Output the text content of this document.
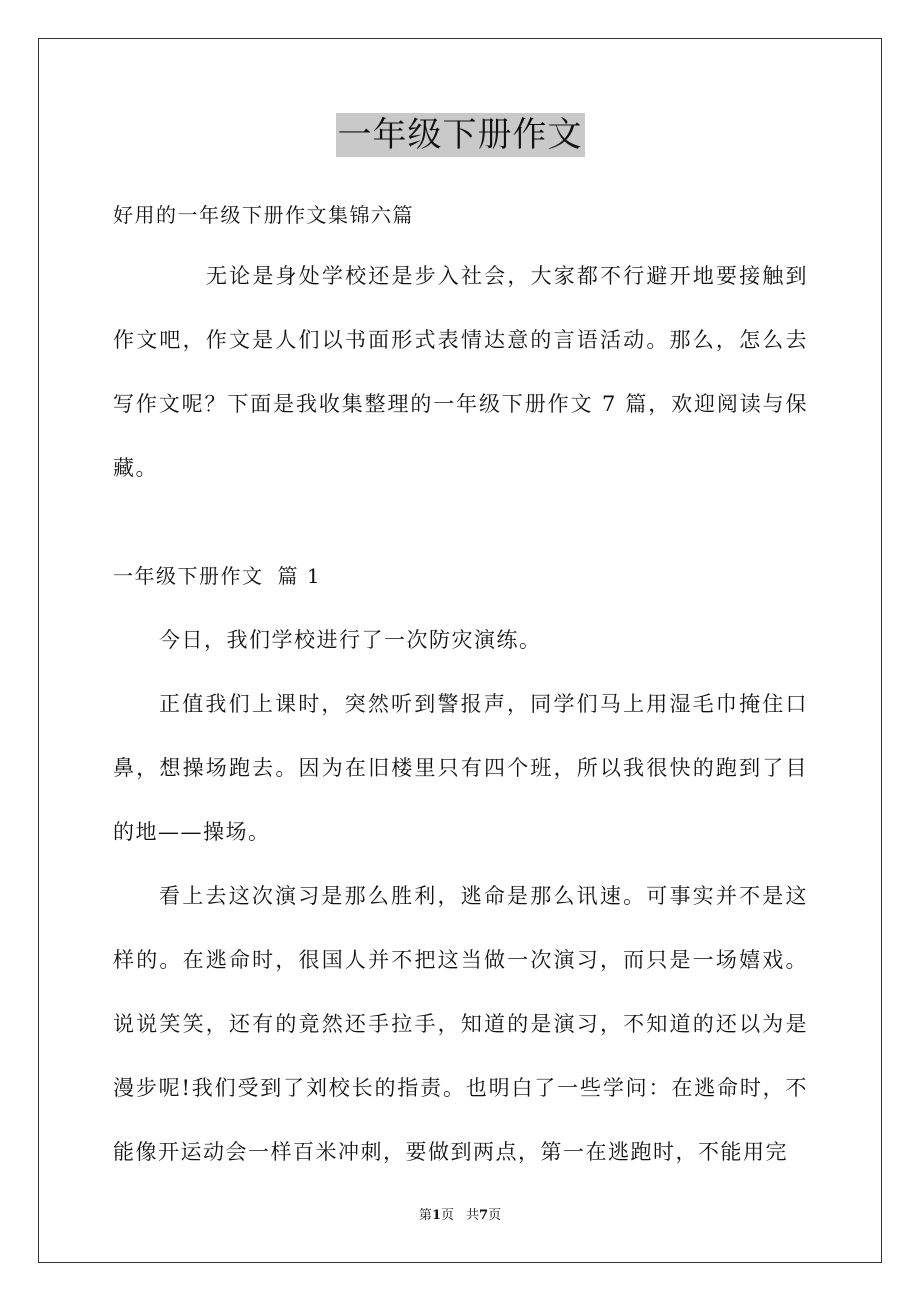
一年级下册作文
好用的一年级下册作文集锦六篇

无论是身处学校还是步入社会，大家都不行避开地要接触到作文吧，作文是人们以书面形式表情达意的言语活动。那么，怎么去写作文呢？下面是我收集整理的一年级下册作文 7 篇，欢迎阅读与保藏。

一年级下册作文 篇 1

今日，我们学校进行了一次防灾演练。

正值我们上课时，突然听到警报声，同学们马上用湿毛巾掩住口鼻，想操场跑去。因为在旧楼里只有四个班，所以我很快的跑到了目的地——操场。

看上去这次演习是那么胜利，逃命是那么讯速。可事实并不是这样的。在逃命时，很国人并不把这当做一次演习，而只是一场嬉戏。说说笑笑，还有的竟然还手拉手，知道的是演习，不知道的还以为是漫步呢!我们受到了刘校长的指责。也明白了一些学问：在逃命时，不能像开运动会一样百米冲刺，要做到两点，第一在逃跑时，不能用完

第1页 共7页
